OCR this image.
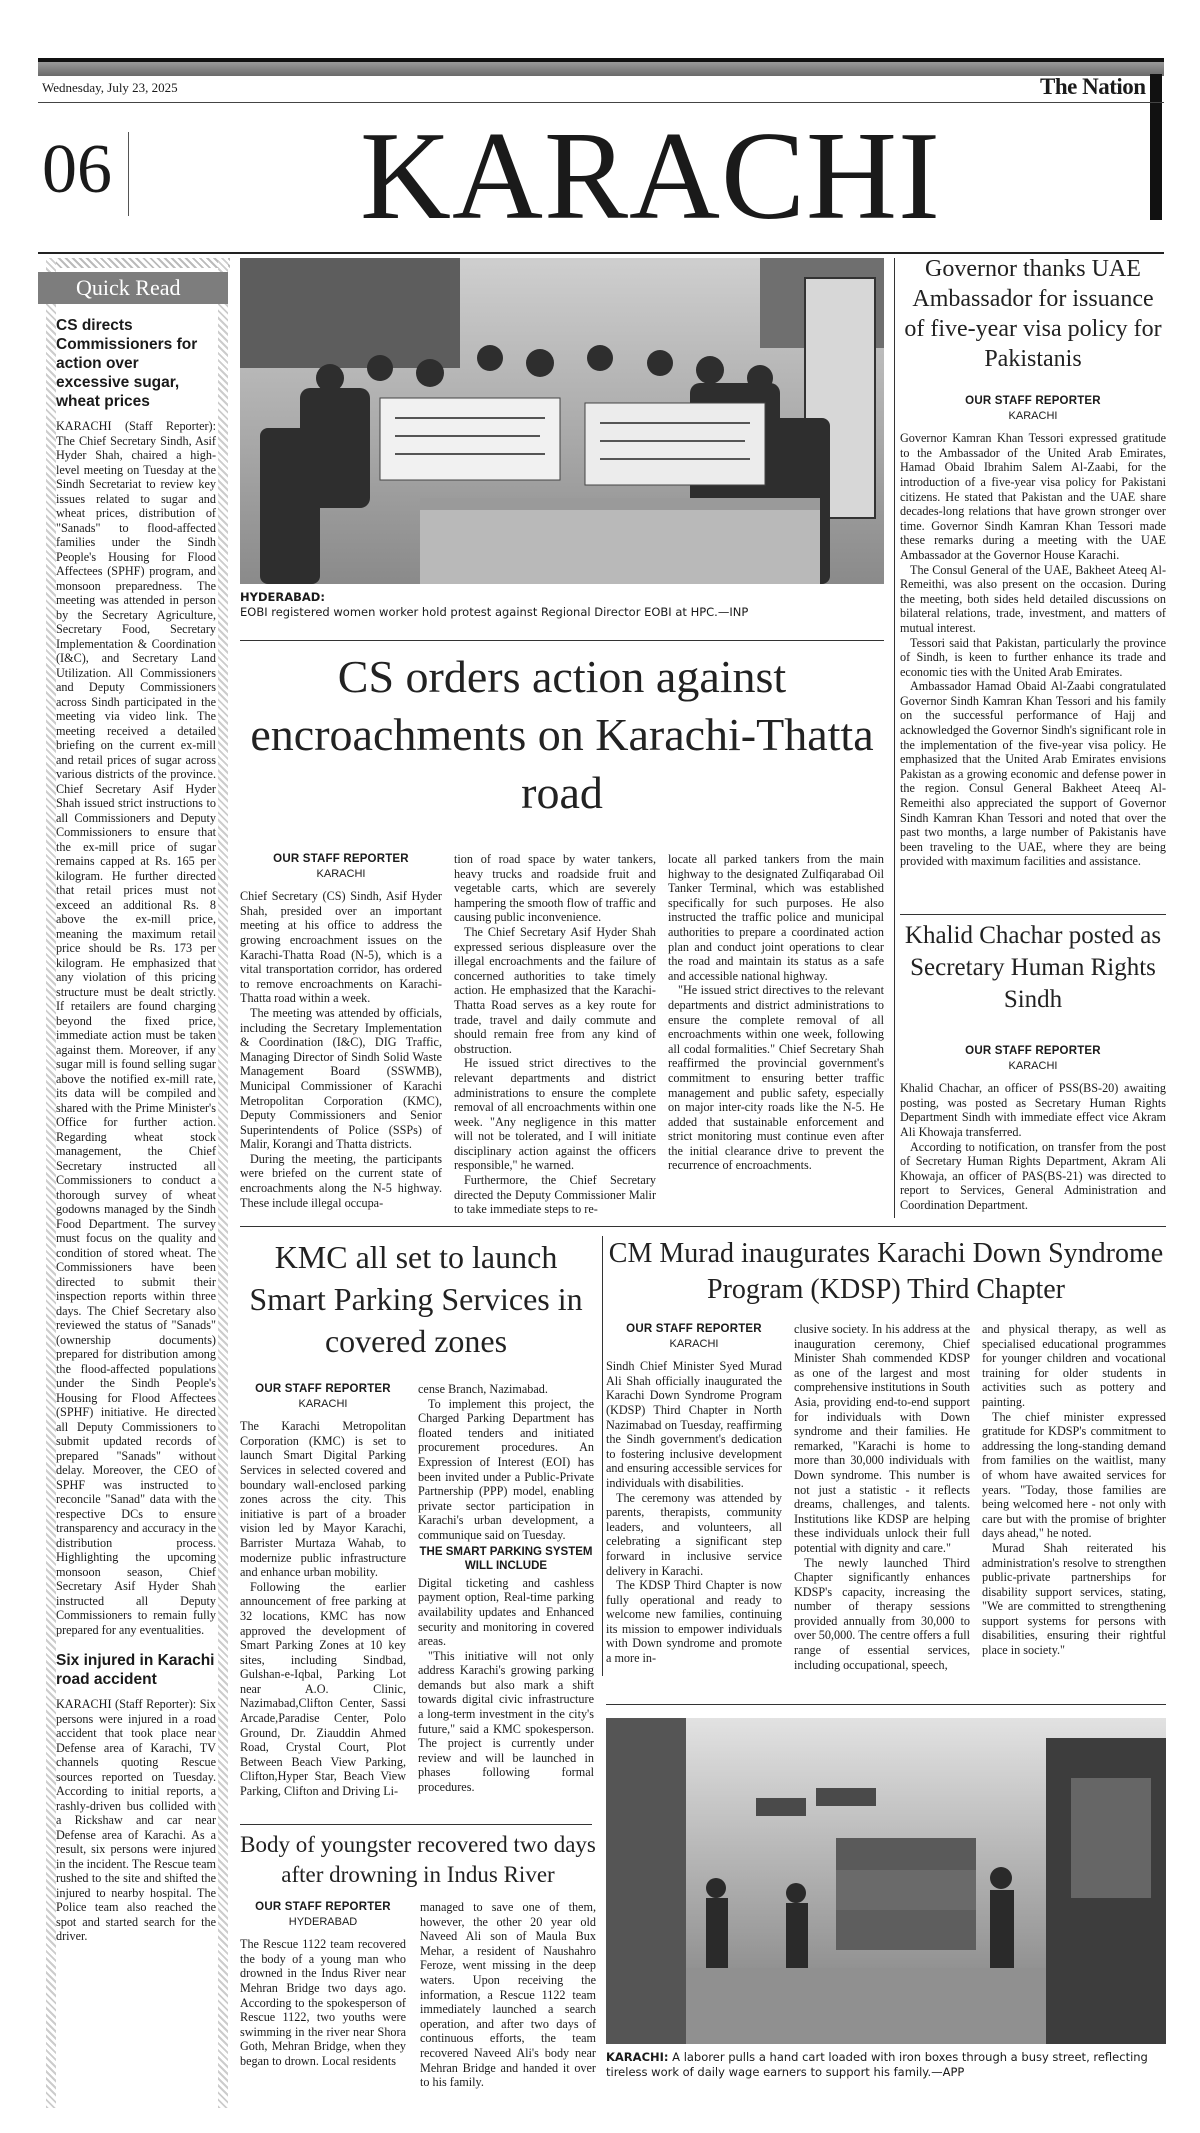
Wednesday, July 23, 2025	The Nation
06 KARACHI
Quick Read
CS directs Commissioners for action over excessive sugar, wheat prices
KARACHI (Staff Reporter): The Chief Secretary Sindh, Asif Hyder Shah, chaired a high-level meeting on Tuesday at the Sindh Secretariat to review key issues related to sugar and wheat prices, distribution of "Sanads" to flood-affected families under the Sindh People's Housing for Flood Affectees (SPHF) program, and monsoon preparedness. The meeting was attended in person by the Secretary Agriculture, Secretary Food, Secretary Implementation & Coordination (I&C), and Secretary Land Utilization. All Commissioners and Deputy Commissioners across Sindh participated in the meeting via video link. The meeting received a detailed briefing on the current ex-mill and retail prices of sugar across various districts of the province. Chief Secretary Asif Hyder Shah issued strict instructions to all Commissioners and Deputy Commissioners to ensure that the ex-mill price of sugar remains capped at Rs. 165 per kilogram. He further directed that retail prices must not exceed an additional Rs. 8 above the ex-mill price, meaning the maximum retail price should be Rs. 173 per kilogram. He emphasized that any violation of this pricing structure must be dealt strictly. If retailers are found charging beyond the fixed price, immediate action must be taken against them. Moreover, if any sugar mill is found selling sugar above the notified ex-mill rate, its data will be compiled and shared with the Prime Minister's Office for further action. Regarding wheat stock management, the Chief Secretary instructed all Commissioners to conduct a thorough survey of wheat godowns managed by the Sindh Food Department. The survey must focus on the quality and condition of stored wheat. The Commissioners have been directed to submit their inspection reports within three days. The Chief Secretary also reviewed the status of "Sanads" (ownership documents) prepared for distribution among the flood-affected populations under the Sindh People's Housing for Flood Affectees (SPHF) initiative. He directed all Deputy Commissioners to submit updated records of prepared "Sanads" without delay. Moreover, the CEO of SPHF was instructed to reconcile "Sanad" data with the respective DCs to ensure transparency and accuracy in the distribution process. Highlighting the upcoming monsoon season, Chief Secretary Asif Hyder Shah instructed all Deputy Commissioners to remain fully prepared for any eventualities.
Six injured in Karachi road accident
KARACHI (Staff Reporter): Six persons were injured in a road accident that took place near Defense area of Karachi, TV channels quoting Rescue sources reported on Tuesday. According to initial reports, a rashly-driven bus collided with a Rickshaw and car near Defense area of Karachi. As a result, six persons were injured in the incident. The Rescue team rushed to the site and shifted the injured to nearby hospital. The Police team also reached the spot and started search for the driver.
HYDERABAD:
EOBI registered women worker hold protest against Regional Director EOBI at HPC.—INP
CS orders action against encroachments on Karachi-Thatta road
OUR STAFF REPORTER
KARACHI

Chief Secretary (CS) Sindh, Asif Hyder Shah, presided over an important meeting at his office to address the growing encroachment issues on the Karachi-Thatta Road (N-5), which is a vital transportation corridor, has ordered to remove encroachments on Karachi-Thatta road within a week.

The meeting was attended by officials, including the Secretary Implementation & Coordination (I&C), DIG Traffic, Managing Director of Sindh Solid Waste Management Board (SSWMB), Municipal Commissioner of Karachi Metropolitan Corporation (KMC), Deputy Commissioners and Senior Superintendents of Police (SSPs) of Malir, Korangi and Thatta districts.

During the meeting, the participants were briefed on the current state of encroachments along the N-5 highway. These include illegal occupa-

tion of road space by water tankers, heavy trucks and roadside fruit and vegetable carts, which are severely hampering the smooth flow of traffic and causing public inconvenience.

The Chief Secretary Asif Hyder Shah expressed serious displeasure over the illegal encroachments and the failure of concerned authorities to take timely action. He emphasized that the Karachi-Thatta Road serves as a key route for trade, travel and daily commute and should remain free from any kind of obstruction.

He issued strict directives to the relevant departments and district administrations to ensure the complete removal of all encroachments within one week. "Any negligence in this matter will not be tolerated, and I will initiate disciplinary action against the officers responsible," he warned.

Furthermore, the Chief Secretary directed the Deputy Commissioner Malir to take immediate steps to re-

locate all parked tankers from the main highway to the designated Zulfiqarabad Oil Tanker Terminal, which was established specifically for such purposes. He also instructed the traffic police and municipal authorities to prepare a coordinated action plan and conduct joint operations to clear the road and maintain its status as a safe and accessible national highway.

"He issued strict directives to the relevant departments and district administrations to ensure the complete removal of all encroachments within one week, following all codal formalities." Chief Secretary Shah reaffirmed the provincial government's commitment to ensuring better traffic management and public safety, especially on major inter-city roads like the N-5. He added that sustainable enforcement and strict monitoring must continue even after the initial clearance drive to prevent the recurrence of encroachments.

Governor thanks UAE Ambassador for issuance of five-year visa policy for Pakistanis
OUR STAFF REPORTER
KARACHI

Governor Kamran Khan Tessori expressed gratitude to the Ambassador of the United Arab Emirates, Hamad Obaid Ibrahim Salem Al-Zaabi, for the introduction of a five-year visa policy for Pakistani citizens. He stated that Pakistan and the UAE share decades-long relations that have grown stronger over time. Governor Sindh Kamran Khan Tessori made these remarks during a meeting with the UAE Ambassador at the Governor House Karachi.

The Consul General of the UAE, Bakheet Ateeq Al-Remeithi, was also present on the occasion. During the meeting, both sides held detailed discussions on bilateral relations, trade, investment, and matters of mutual interest.

Tessori said that Pakistan, particularly the province of Sindh, is keen to further enhance its trade and economic ties with the United Arab Emirates.

Ambassador Hamad Obaid Al-Zaabi congratulated Governor Sindh Kamran Khan Tessori and his family on the successful performance of Hajj and acknowledged the Governor Sindh's significant role in the implementation of the five-year visa policy. He emphasized that the United Arab Emirates envisions Pakistan as a growing economic and defense power in the region. Consul General Bakheet Ateeq Al-Remeithi also appreciated the support of Governor Sindh Kamran Khan Tessori and noted that over the past two months, a large number of Pakistanis have been traveling to the UAE, where they are being provided with maximum facilities and assistance.

Khalid Chachar posted as Secretary Human Rights Sindh
OUR STAFF REPORTER
KARACHI

Khalid Chachar, an officer of PSS(BS-20) awaiting posting, was posted as Secretary Human Rights Department Sindh with immediate effect vice Akram Ali Khowaja transferred.

According to notification, on transfer from the post of Secretary Human Rights Department, Akram Ali Khowaja, an officer of PAS(BS-21) was directed to report to Services, General Administration and Coordination Department.

KMC all set to launch Smart Parking Services in covered zones
OUR STAFF REPORTER
KARACHI

The Karachi Metropolitan Corporation (KMC) is set to launch Smart Digital Parking Services in selected covered and boundary wall-enclosed parking zones across the city. This initiative is part of a broader vision led by Mayor Karachi, Barrister Murtaza Wahab, to modernize public infrastructure and enhance urban mobility.

Following the earlier announcement of free parking at 32 locations, KMC has now approved the development of Smart Parking Zones at 10 key sites, including Sindbad, Gulshan-e-Iqbal, Parking Lot near A.O. Clinic, Nazimabad,Clifton Center, Sassi Arcade,Paradise Center, Polo Ground, Dr. Ziauddin Ahmed Road, Crystal Court, Plot Between Beach View Parking, Clifton,Hyper Star, Beach View Parking, Clifton and Driving Li-

cense Branch, Nazimabad.

To implement this project, the Charged Parking Department has floated tenders and initiated procurement procedures. An Expression of Interest (EOI) has been invited under a Public-Private Partnership (PPP) model, enabling private sector participation in Karachi's urban development, a communique said on Tuesday.

THE SMART PARKING SYSTEM WILL INCLUDE

Digital ticketing and cashless payment option, Real-time parking availability updates and Enhanced security and monitoring in covered areas.

"This initiative will not only address Karachi's growing parking demands but also mark a shift towards digital civic infrastructure a long-term investment in the city's future," said a KMC spokesperson. The project is currently under review and will be launched in phases following formal procedures.

CM Murad inaugurates Karachi Down Syndrome Program (KDSP) Third Chapter
OUR STAFF REPORTER
KARACHI

Sindh Chief Minister Syed Murad Ali Shah officially inaugurated the Karachi Down Syndrome Program (KDSP) Third Chapter in North Nazimabad on Tuesday, reaffirming the Sindh government's dedication to fostering inclusive development and ensuring accessible services for individuals with disabilities.

The ceremony was attended by parents, therapists, community leaders, and volunteers, all celebrating a significant step forward in inclusive service delivery in Karachi.

The KDSP Third Chapter is now fully operational and ready to welcome new families, continuing its mission to empower individuals with Down syndrome and promote a more in-

clusive society. In his address at the inauguration ceremony, Chief Minister Shah commended KDSP as one of the largest and most comprehensive institutions in South Asia, providing end-to-end support for individuals with Down syndrome and their families. He remarked, "Karachi is home to more than 30,000 individuals with Down syndrome. This number is not just a statistic - it reflects dreams, challenges, and talents. Institutions like KDSP are helping these individuals unlock their full potential with dignity and care."

The newly launched Third Chapter significantly enhances KDSP's capacity, increasing the number of therapy sessions provided annually from 30,000 to over 50,000. The centre offers a full range of essential services, including occupational, speech,

and physical therapy, as well as specialised educational programmes for younger children and vocational training for older students in activities such as pottery and painting.

The chief minister expressed gratitude for KDSP's commitment to addressing the long-standing demand from families on the waitlist, many of whom have awaited services for years. "Today, those families are being welcomed here - not only with care but with the promise of brighter days ahead," he noted.

Murad Shah reiterated his administration's resolve to strengthen public-private partnerships for disability support services, stating, "We are committed to strengthening support systems for persons with disabilities, ensuring their rightful place in society."

Body of youngster recovered two days after drowning in Indus River
OUR STAFF REPORTER
HYDERABAD

The Rescue 1122 team recovered the body of a young man who drowned in the Indus River near Mehran Bridge two days ago. According to the spokesperson of Rescue 1122, two youths were swimming in the river near Shora Goth, Mehran Bridge, when they began to drown. Local residents

managed to save one of them, however, the other 20 year old Naveed Ali son of Maula Bux Mehar, a resident of Naushahro Feroze, went missing in the deep waters. Upon receiving the information, a Rescue 1122 team immediately launched a search operation, and after two days of continuous efforts, the team recovered Naveed Ali's body near Mehran Bridge and handed it over to his family.

KARACHI: A laborer pulls a hand cart loaded with iron boxes through a busy street, reflecting tireless work of daily wage earners to support his family.—APP
